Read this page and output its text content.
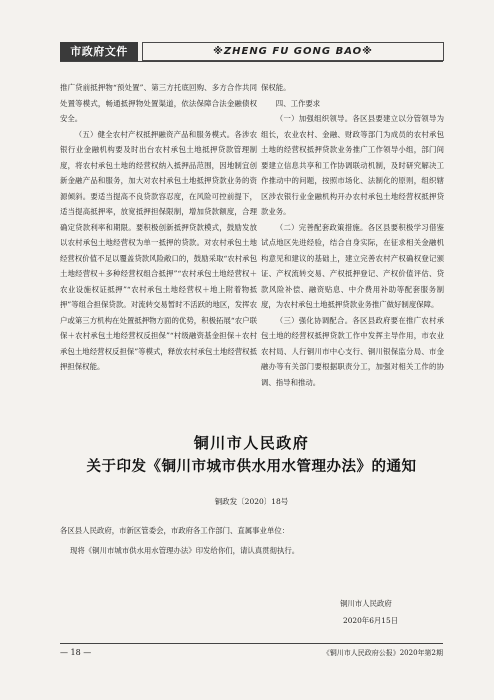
市政府文件	※ZHENG FU GONG BAO※

推广贷前抵押物“预处置”、第三方托底回购、多方合作共同处置等模式，畅通抵押物处置渠道，依法保障合法金融债权安全。

（五）健全农村产权抵押融资产品和服务模式。各涉农银行业金融机构要及时出台农村承包土地抵押贷款管理制度，将农村承包土地的经营权纳入抵押品范围，因地制宜创新金融产品和服务，加大对农村承包土地抵押贷款业务的资源倾斜。要适当提高不良贷款容忍度，在风险可控前提下，适当提高抵押率，放宽抵押担保限制，增加贷款额度，合理确定贷款利率和期限。要积极创新抵押贷款模式，鼓励发放以农村承包土地经营权为单一抵押的贷款。对农村承包土地经营权价值不足以覆盖贷款风险敞口的，鼓励采取“农村承包土地经营权＋多种经营权组合抵押”“农村承包土地经营权＋农业设施权证抵押”“农村承包土地经营权＋地上附着物抵押”等组合担保贷款。对流转交易暂时不活跃的地区，发挥农户或第三方机构在处置抵押物方面的优势，积极拓展“农户联保＋农村承包土地经营权反担保”“村级融资基金担保＋农村承包土地经营权反担保”等模式，释放农村承包土地经营权抵押担保权能。

保权能。

四、工作要求

（一）加强组织领导。各区县要建立以分管领导为组长，农业农村、金融、财政等部门为成员的农村承包土地的经营权抵押贷款业务推广工作领导小组，部门间要建立信息共享和工作协调联动机制，及时研究解决工作推动中的问题，按照市场化、法制化的原则，组织辖区涉农银行业金融机构开办农村承包土地经营权抵押贷款业务。

（二）完善配套政策措施。各区县要积极学习借鉴试点地区先进经验，结合自身实际，在征求相关金融机构意见和建议的基础上，建立完善农村产权确权登记颁证、产权流转交易、产权抵押登记、产权价值评估、贷款风险补偿、融资贴息、中介费用补助等配套服务制度，为农村承包土地抵押贷款业务推广做好制度保障。

（三）强化协调配合。各区县政府要在推广农村承包土地的经营权抵押贷款工作中发挥主导作用，市农业农村局、人行铜川市中心支行、铜川银保监分局、市金融办等有关部门要根据职责分工，加强对相关工作的协调、指导和推动。

铜川市人民政府
关于印发《铜川市城市供水用水管理办法》的通知
铜政发〔2020〕18号
各区县人民政府，市新区管委会，市政府各工作部门、直属事业单位：
现将《铜川市城市供水用水管理办法》印发给你们，请认真贯彻执行。
铜川市人民政府
2020年6月15日
— 18 —	《铜川市人民政府公报》2020年第2期
